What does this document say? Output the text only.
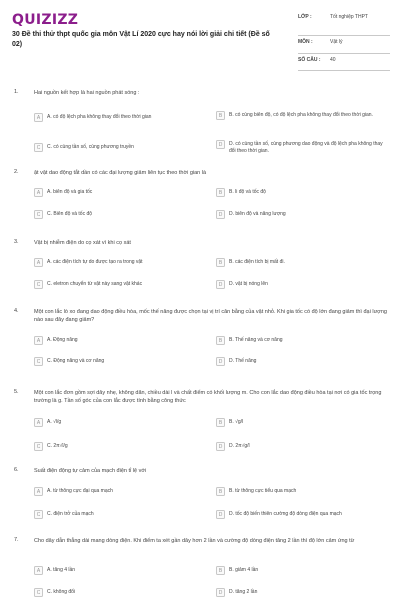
QUIZIZZ
30 Đề thi thử thpt quốc gia môn Vật Lí 2020 cực hay nói lời giải chi tiết (Đề số 02)
LỚP :	Tốt nghiệp THPT
MÔN :	Vật lý
SỐ CÂU :	40
1.	Hai nguồn kết hợp là hai nguồn phát sóng :
A	A. có độ lệch pha không thay đổi theo thời gian	B	B. có cùng biên độ, có độ lệch pha không thay đổi theo thời gian.
C	C. có cùng tần số, cùng phương truyền	D	D. có cùng tần số, cùng phương dao động và độ lệch pha không thay đổi theo thời gian.
2.	ật vật dao động tắt dần có các đại lượng giảm liên tục theo thời gian là
A	A. biên độ và gia tốc	B	B. li độ và tốc độ
C	C. Biên độ và tốc độ	D	D. biên độ và năng lượng
3.	Vật bị nhiễm điện do cọ xát vì khi cọ xát
A	A. các điện tích tự do được tạo ra trong vật	B	B. các điện tích bị mất đi.
C	C. eletron chuyển từ vật này sang vật khác	D	D. vật bị nóng lên
4.	Một con lắc lò xo đang dao động điều hòa, mốc thế năng được chọn tại vị trí cân bằng của vật nhỏ. Khi gia tốc có độ lớn đang giảm thì đại lượng nào sau đây đang giảm?
A	A. Động năng	B	B. Thế năng và cơ năng
C	C. Động năng và cơ năng	D	D. Thế năng
5.	Một con lắc đơn gồm sợi dây nhẹ, không dãn, chiều dài l và chất điểm có khối lượng m. Cho con lắc dao động điều hòa tại nơi có gia tốc trọng trường là g. Tần số góc của con lắc được tính bằng công thức
A	A. √l/g	B	B. √g/l
C	C. 2π√l/g	D	D. 2π√g/l
6.	Suất điện động tự cảm của mạch điện tỉ lệ với
A	A. từ thông cực đại qua mạch	B	B. từ thông cực tiểu qua mạch
C	C. điện trở của mạch	D	D. tốc độ biến thiên cường độ dòng điện qua mạch
7.	Cho dây dẫn thẳng dài mang dòng điện. Khi điểm ta xét gần dây hơn 2 lần và cường độ dòng điện tăng 2 lần thì độ lớn cảm ứng từ
A	A. tăng 4 lần	B	B. giảm 4 lần
C	C. không đổi	D	D. tăng 2 lần
